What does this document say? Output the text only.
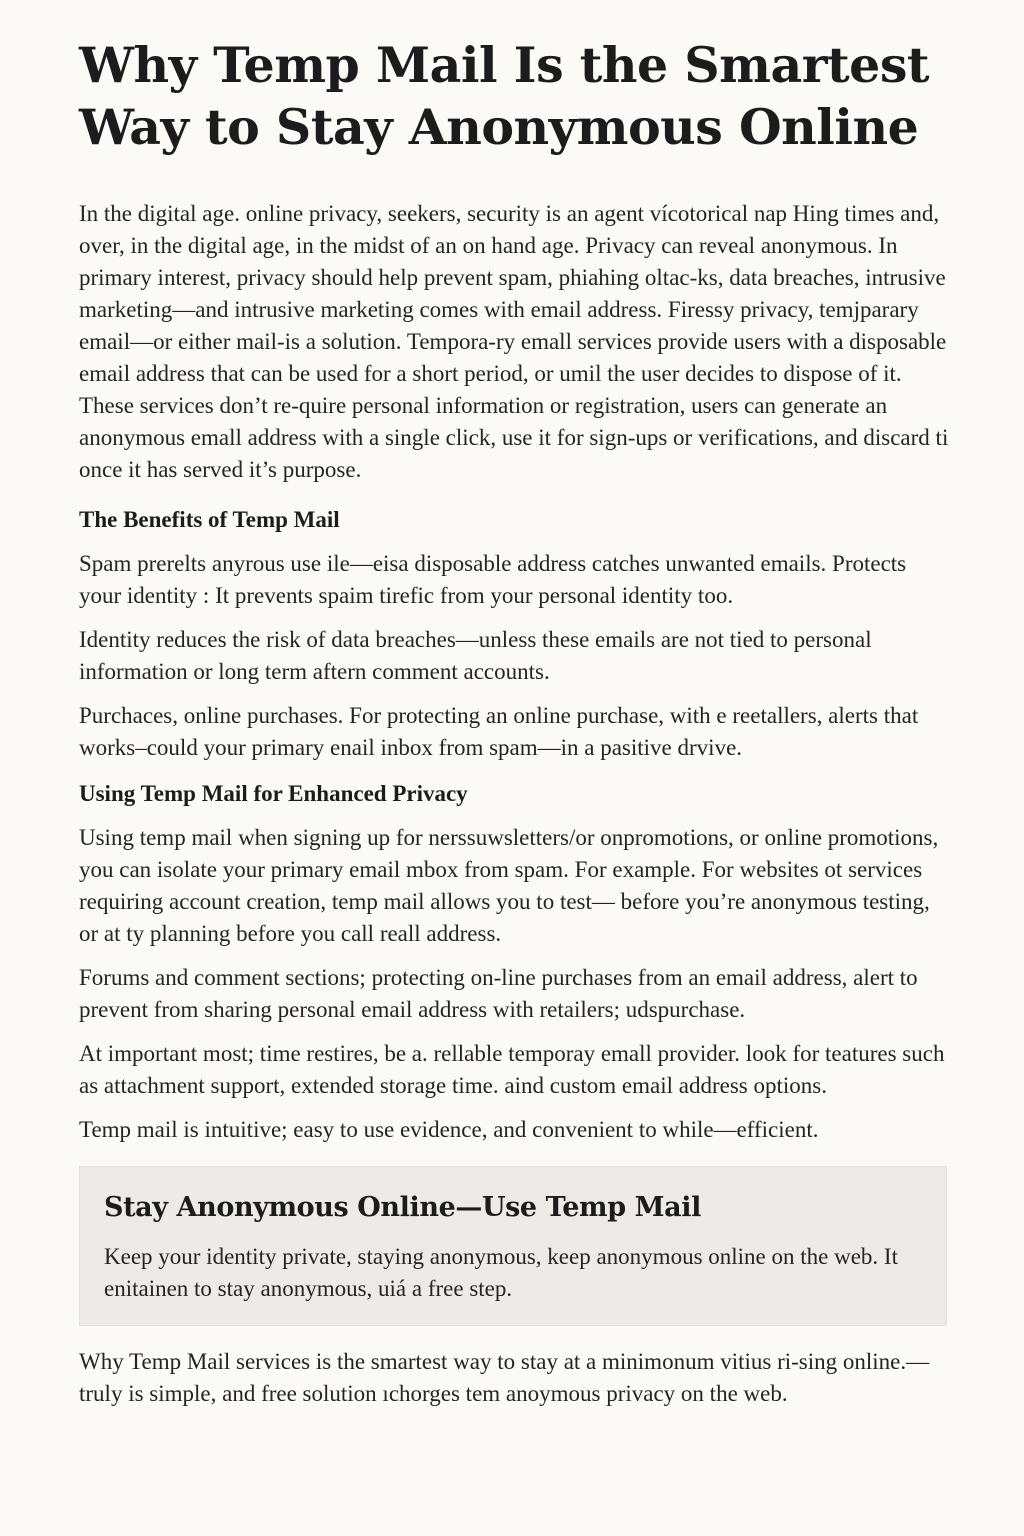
Why Temp Mail Is the Smartest
Way to Stay Anonymous Online

In the digital age. online privacy, seekers, security is an agent vícotorical nap Hing times and, over, in the digital age, in the midst of an on hand age. Privacy can reveal anonymous. In primary interest, privacy should help prevent spam, phiahing oltac-ks, data breaches, intrusive marketing—and intrusive marketing comes with email address. Firessy privacy, temjparary email—or either mail-is a solution. Tempora-ry emall services provide users with a disposable email address that can be used for a short period, or umil the user decides to dispose of it. These services don’t re-quire personal information or registration, users can generate an anonymous emall address with a single click, use it for sign-ups or verifications, and discard ti once it has served it’s purpose.

The Benefits of Temp Mail

Spam prerelts anyrous use ile—eisa disposable address catches unwanted emails. Protects your identity : It prevents spaim tirefic from your personal identity too.

Identity reduces the risk of data breaches—unless these emails are not tied to personal information or long term aftern comment accounts.

Purchaces, online purchases. For protecting an online purchase, with e reetallers, alerts that works–could your primary enail inbox from spam—in a pasitive drvive.

Using Temp Mail for Enhanced Privacy

Using temp mail when signing up for nerssuwsletters/or onpromotions, or online promotions, you can isolate your primary email mbox from spam. For example. For websites ot services requiring account creation, temp mail allows you to test— before you’re anonymous testing, or at ty planning before you call reall address.

Forums and comment sections; protecting on-line purchases from an email address, alert to prevent from sharing personal email address with retailers; udspurchase.

At important most; time restires, be a. rellable temporay emall provider. look for teatures such as attachment support, extended storage time. aind custom email address options.

Temp mail is intuitive; easy to use evidence, and convenient to while—efficient.

Stay Anonymous Online—Use Temp Mail

Keep your identity private, staying anonymous, keep anonymous online on the web. It enitainen to stay anonymous, uiá a free step.

Why Temp Mail services is the smartest way to stay at a minimonum vitius ri-sing online.—truly is simple, and free solution ıchorges tem anoymous privacy on the web.
